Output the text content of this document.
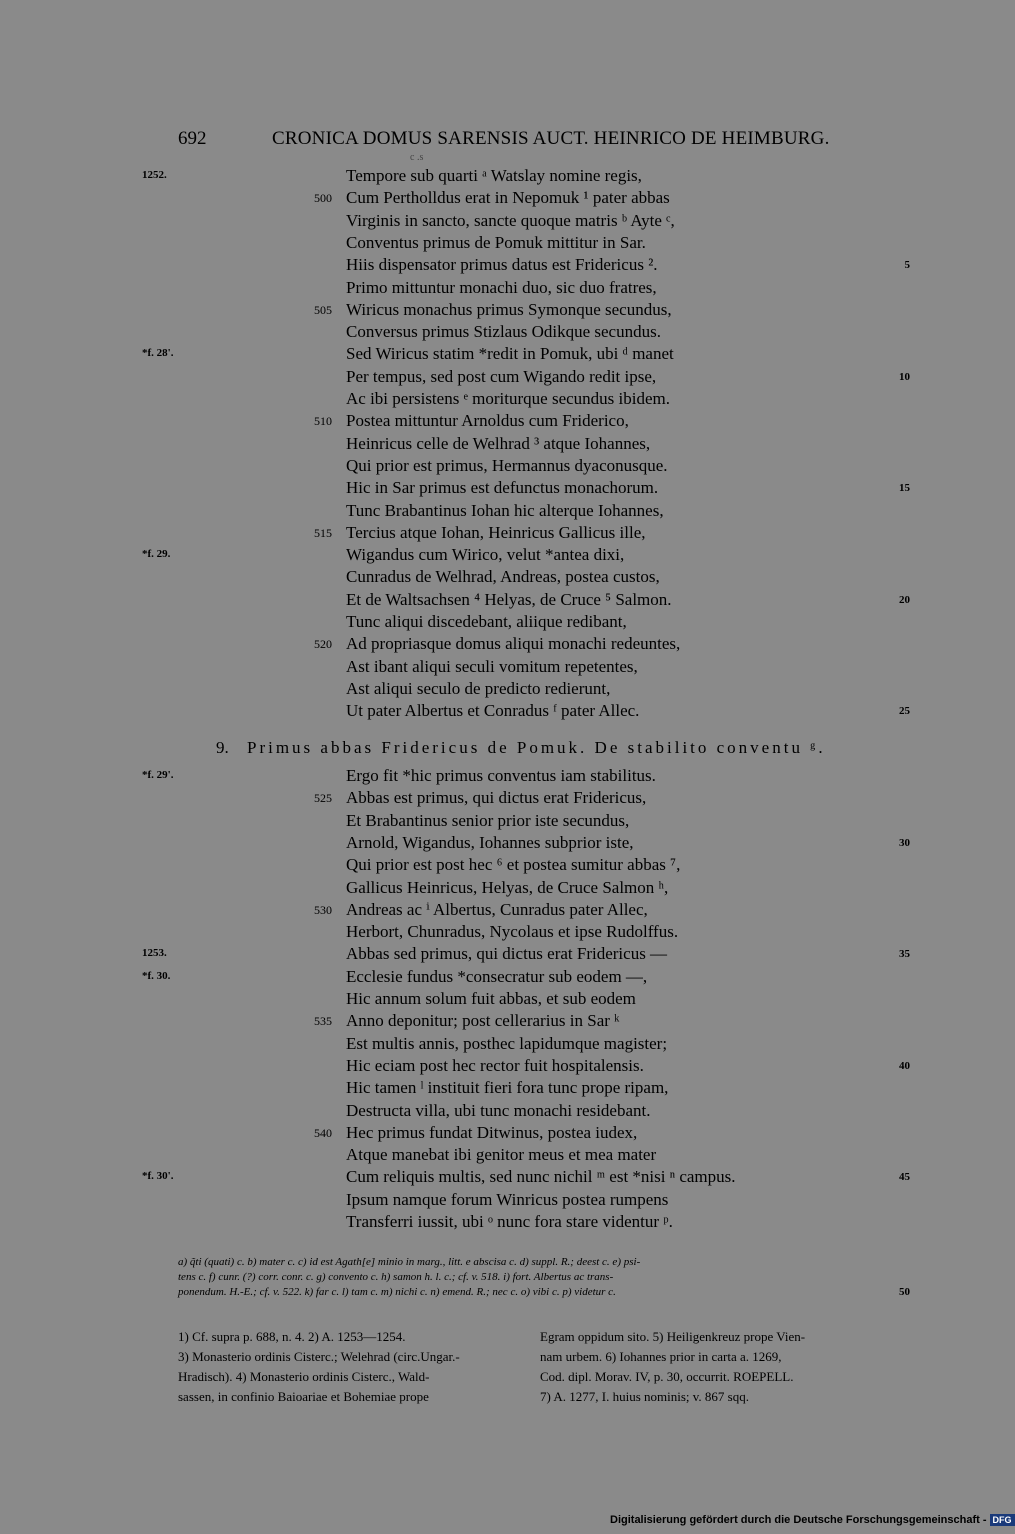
692	CRONICA DOMUS SARENSIS AUCT. HEINRICO DE HEIMBURG.
c .s
1252.	Tempore sub quarti ᵃ Watslay nomine regis,
500 Cum Pertholldus erat in Nepomuk ¹ pater abbas
Virginis in sancto, sancte quoque matris ᵇ Ayte ᶜ,
Conventus primus de Pomuk mittitur in Sar.
Hiis dispensator primus datus est Fridericus ².	5
Primo mittuntur monachi duo, sic duo fratres,
505 Wiricus monachus primus Symonque secundus,
Conversus primus Stizlaus Odikque secundus.
*f. 28'.	Sed Wiricus statim *redit in Pomuk, ubi ᵈ manet
Per tempus, sed post cum Wigando redit ipse,	10
Ac ibi persistens ᵉ moriturque secundus ibidem.
510 Postea mittuntur Arnoldus cum Friderico,
Heinricus celle de Welhrad ³ atque Iohannes,
Qui prior est primus, Hermannus dyaconusque.
Hic in Sar primus est defunctus monachorum.	15
Tunc Brabantinus Iohan hic alterque Iohannes,
515 Tercius atque Iohan, Heinricus Gallicus ille,
*f. 29.	Wigandus cum Wirico, velut *antea dixi,
Cunradus de Welhrad, Andreas, postea custos,
Et de Waltsachsen ⁴ Helyas, de Cruce ⁵ Salmon.	20
Tunc aliqui discedebant, aliique redibant,
520 Ad propriasque domus aliqui monachi redeuntes,
Ast ibant aliqui seculi vomitum repetentes,
Ast aliqui seculo de predicto redierunt,
Ut pater Albertus et Conradus ᶠ pater Allec.	25
9. Primus abbas Fridericus de Pomuk. De stabilito conventu ᵍ.
*f. 29'.	Ergo fit *hic primus conventus iam stabilitus.
525 Abbas est primus, qui dictus erat Fridericus,
Et Brabantinus senior prior iste secundus,
Arnold, Wigandus, Iohannes subprior iste,	30
Qui prior est post hec ⁶ et postea sumitur abbas ⁷,
Gallicus Heinricus, Helyas, de Cruce Salmon ʰ,
530 Andreas ac ⁱ Albertus, Cunradus pater Allec,
Herbort, Chunradus, Nycolaus et ipse Rudolffus.
1253.	Abbas sed primus, qui dictus erat Fridericus —	35
*f. 30.	Ecclesie fundus *consecratur sub eodem —,
Hic annum solum fuit abbas, et sub eodem
535 Anno deponitur; post cellerarius in Sar ᵏ
Est multis annis, posthec lapidumque magister;
Hic eciam post hec rector fuit hospitalensis.	40
Hic tamen ˡ instituit fieri fora tunc prope ripam,
Destructa villa, ubi tunc monachi residebant.
540 Hec primus fundat Ditwinus, postea iudex,
Atque manebat ibi genitor meus et mea mater
*f. 30'.	Cum reliquis multis, sed nunc nichil ᵐ est *nisi ⁿ campus.	45
Ipsum namque forum Winricus postea rumpens
Transferri iussit, ubi ᵒ nunc fora stare videntur ᵖ.
a) q̃ti (quati) c. b) mater c. c) id est Agath[e] minio in marg., litt. e abscisa c. d) suppl. R.; deest c. e) psi-
tens c. f) cunr. (?) corr. conr. c. g) convento c. h) samon h. l. c.; cf. v. 518. i) fort. Albertus ac trans-
ponendum. H.-E.; cf. v. 522. k) far c. l) tam c. m) nichi c. n) emend. R.; nec c. o) vibi c. p) videtur c.	50
1) Cf. supra p. 688, n. 4. 2) A. 1253—1254.
3) Monasterio ordinis Cisterc.; Welehrad (circ.Ungar.-
Hradisch). 4) Monasterio ordinis Cisterc., Wald-
sassen, in confinio Baioariae et Bohemiae prope
Egram oppidum sito. 5) Heiligenkreuz prope Vien-
nam urbem. 6) Iohannes prior in carta a. 1269,
Cod. dipl. Morav. IV, p. 30, occurrit. ROEPELL.
7) A. 1277, I. huius nominis; v. 867 sqq.
Digitalisierung gefördert durch die Deutsche Forschungsgemeinschaft - DFG
